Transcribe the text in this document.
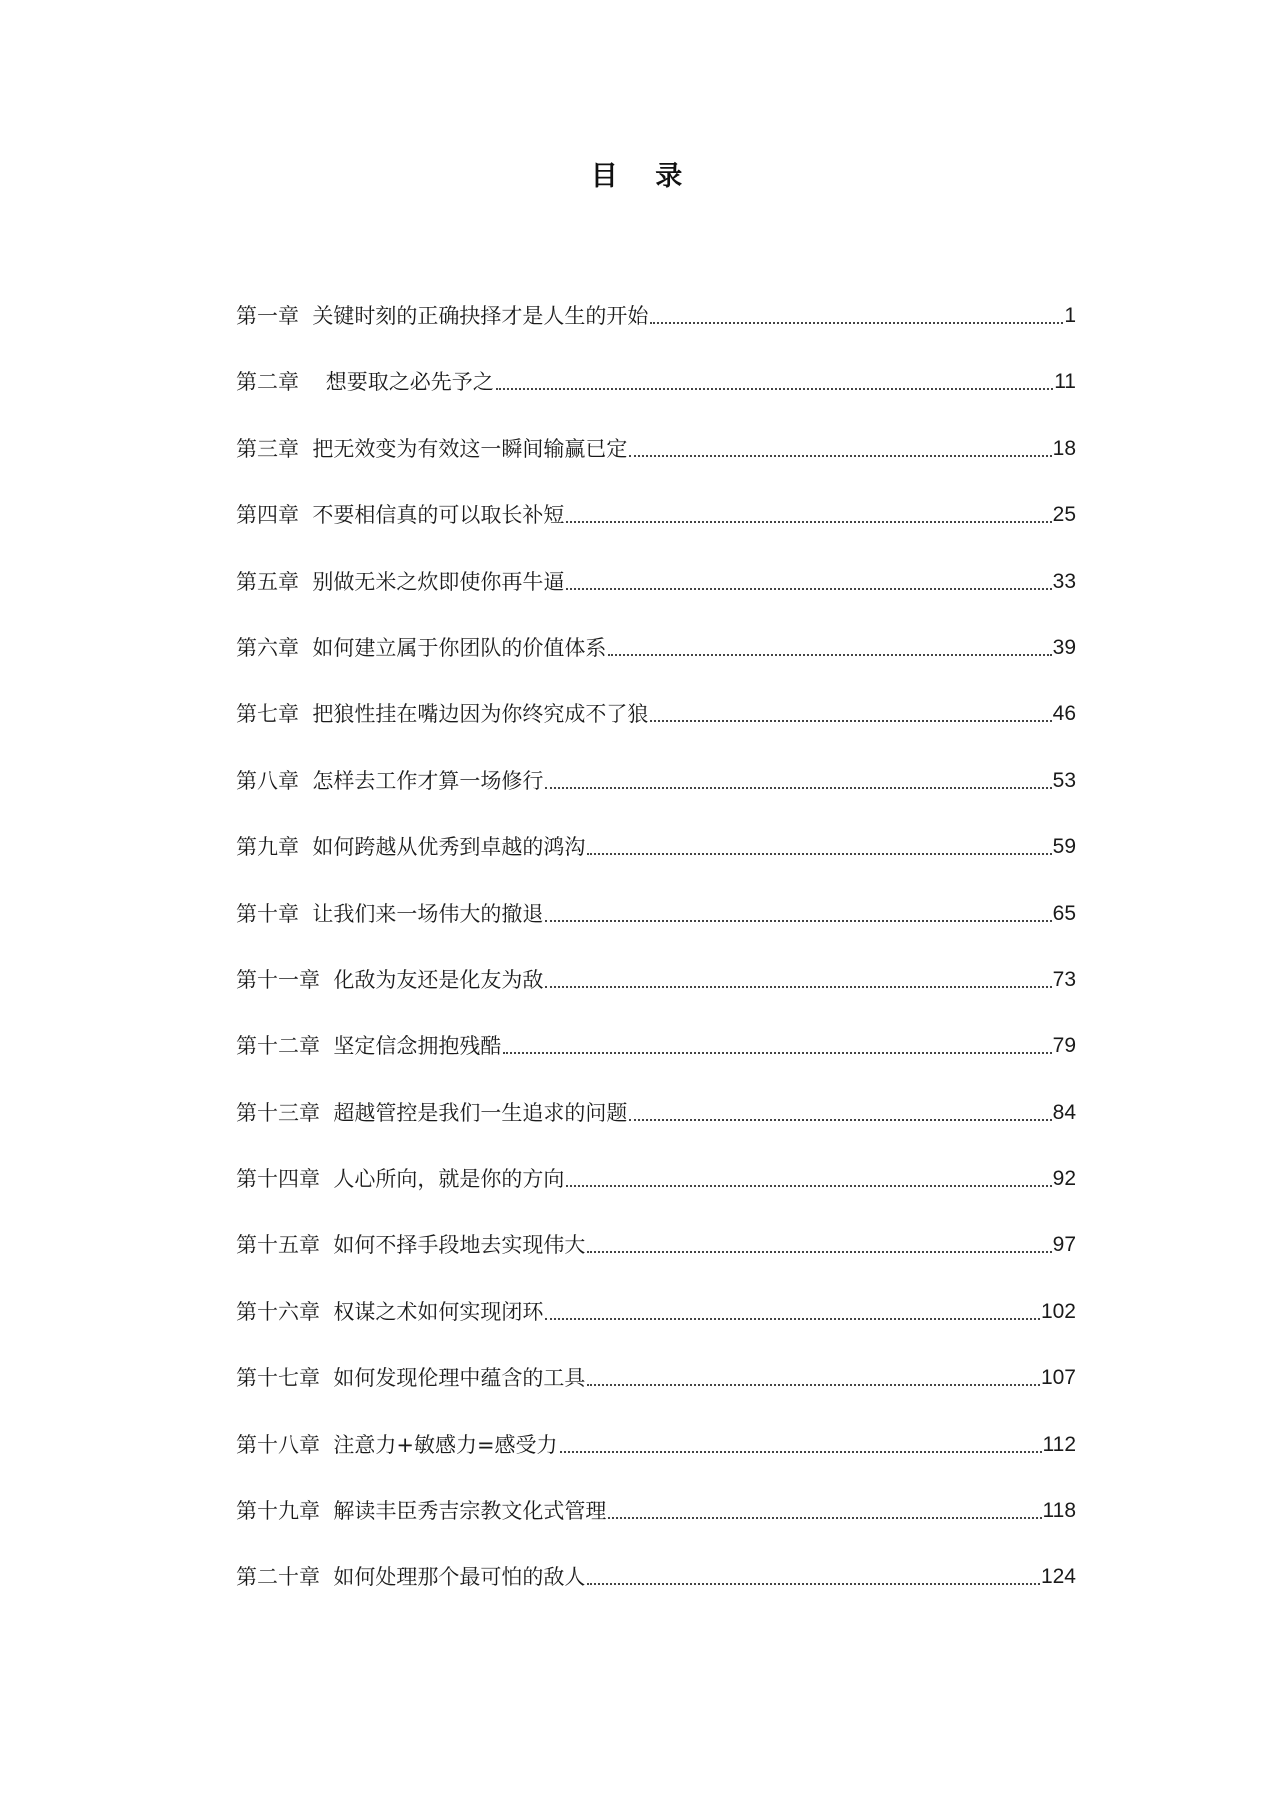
目 录
第一章  关键时刻的正确抉择才是人生的开始	1
第二章    想要取之必先予之	11
第三章  把无效变为有效这一瞬间输赢已定	18
第四章  不要相信真的可以取长补短	25
第五章  别做无米之炊即使你再牛逼	33
第六章  如何建立属于你团队的价值体系	39
第七章  把狼性挂在嘴边因为你终究成不了狼	46
第八章  怎样去工作才算一场修行	53
第九章  如何跨越从优秀到卓越的鸿沟	59
第十章  让我们来一场伟大的撤退	65
第十一章  化敌为友还是化友为敌	73
第十二章  坚定信念拥抱残酷	79
第十三章  超越管控是我们一生追求的问题	84
第十四章  人心所向，就是你的方向	92
第十五章  如何不择手段地去实现伟大	97
第十六章  权谋之术如何实现闭环	102
第十七章  如何发现伦理中蕴含的工具	107
第十八章  注意力+敏感力=感受力	112
第十九章  解读丰臣秀吉宗教文化式管理	118
第二十章  如何处理那个最可怕的敌人	124
